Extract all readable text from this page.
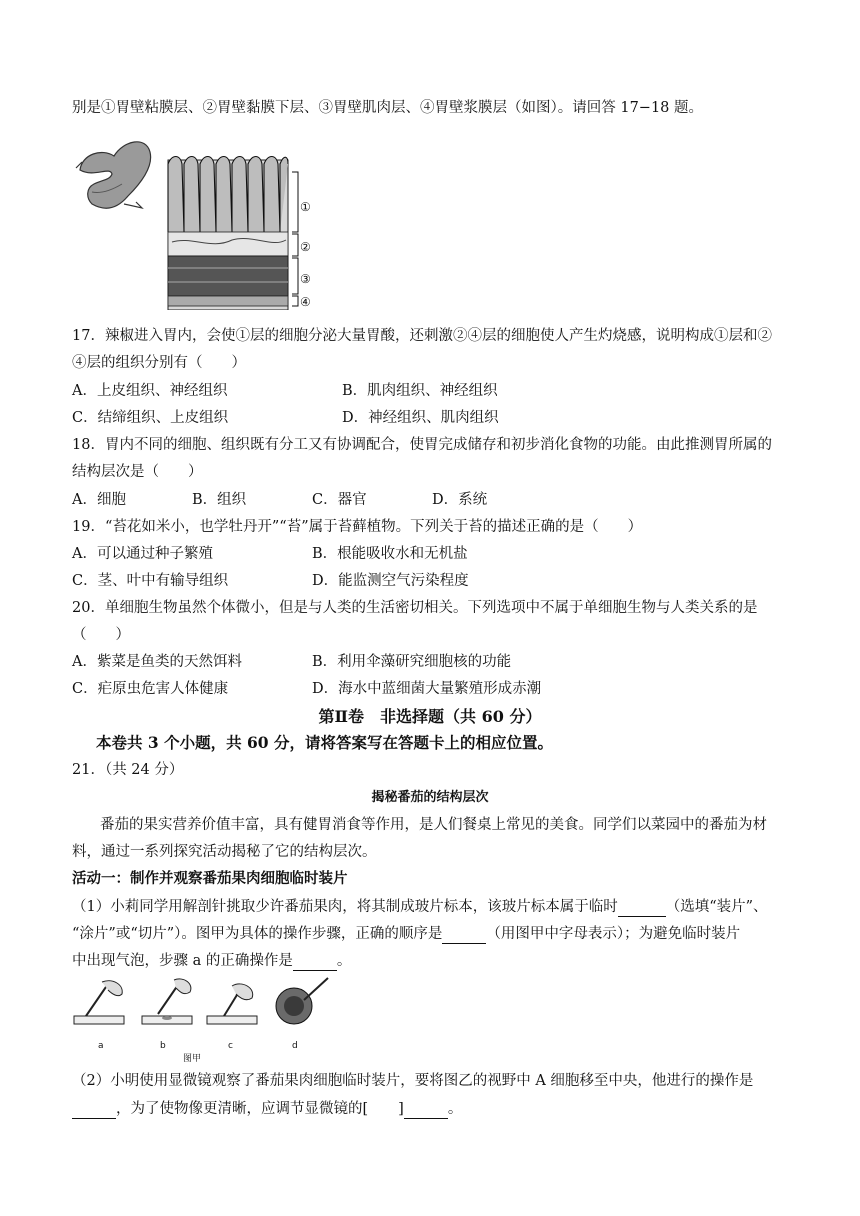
别是①胃壁粘膜层、②胃壁黏膜下层、③胃壁肌肉层、④胃壁浆膜层（如图）。请回答 17−18 题。
①
②
③
④
17．辣椒进入胃内，会使①层的细胞分泌大量胃酸，还刺激②④层的细胞使人产生灼烧感，说明构成①层和②
④层的组织分别有（　　）
A．上皮组织、神经组织	B．肌肉组织、神经组织
C．结缔组织、上皮组织	D．神经组织、肌肉组织
18．胃内不同的细胞、组织既有分工又有协调配合，使胃完成储存和初步消化食物的功能。由此推测胃所属的
结构层次是（　　）
A．细胞	B．组织	C．器官	D．系统
19．“苔花如米小，也学牡丹开”“苔”属于苔藓植物。下列关于苔的描述正确的是（　　）
A．可以通过种子繁殖	B．根能吸收水和无机盐
C．茎、叶中有输导组织	D．能监测空气污染程度
20．单细胞生物虽然个体微小，但是与人类的生活密切相关。下列选项中不属于单细胞生物与人类关系的是
（　　）
A．紫菜是鱼类的天然饵料	B．利用伞藻研究细胞核的功能
C．疟原虫危害人体健康	D．海水中蓝细菌大量繁殖形成赤潮
第Ⅱ卷　非选择题（共 60 分）
本卷共 3 个小题，共 60 分，请将答案写在答题卡上的相应位置。
21．（共 24 分）
揭秘番茄的结构层次
番茄的果实营养价值丰富，具有健胃消食等作用，是人们餐桌上常见的美食。同学们以菜园中的番茄为材
料，通过一系列探究活动揭秘了它的结构层次。
活动一：制作并观察番茄果肉细胞临时装片
（1）小莉同学用解剖针挑取少许番茄果肉，将其制成玻片标本，该玻片标本属于临时	（选填“装片”、
“涂片”或“切片”）。图甲为具体的操作步骤，正确的顺序是	（用图甲中字母表示）；为避免临时装片
中出现气泡，步骤 a 的正确操作是	。
a	b	c	d
图甲
（2）小明使用显微镜观察了番茄果肉细胞临时装片，要将图乙的视野中 A 细胞移至中央，他进行的操作是
，为了使物像更清晰，应调节显微镜的[ ]	。
